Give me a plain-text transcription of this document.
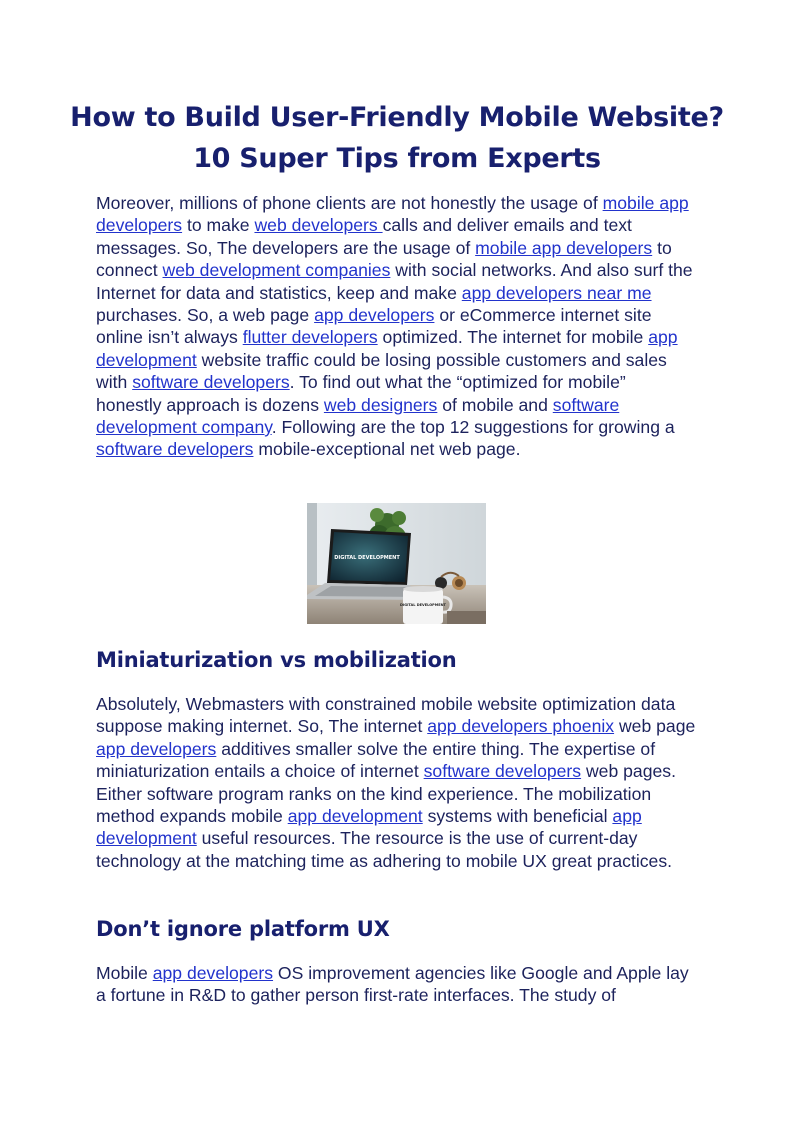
How to Build User-Friendly Mobile Website? 10 Super Tips from Experts

Moreover, millions of phone clients are not honestly the usage of mobile app developers to make web developers calls and deliver emails and text messages. So, The developers are the usage of mobile app developers to connect web development companies with social networks. And also surf the Internet for data and statistics, keep and make app developers near me purchases. So, a web page app developers or eCommerce internet site online isn’t always flutter developers optimized. The internet for mobile app development website traffic could be losing possible customers and sales with software developers. To find out what the “optimized for mobile” honestly approach is dozens web designers of mobile and software development company. Following are the top 12 suggestions for growing a software developers mobile-exceptional net web page.

DIGITAL DEVELOPMENT
DIGITAL DEVELOPMENT
Miniaturization vs mobilization

Absolutely, Webmasters with constrained mobile website optimization data suppose making internet. So, The internet app developers phoenix web page app developers additives smaller solve the entire thing. The expertise of miniaturization entails a choice of internet software developers web pages. Either software program ranks on the kind experience. The mobilization method expands mobile app development systems with beneficial app development useful resources. The resource is the use of current-day technology at the matching time as adhering to mobile UX great practices.

Don’t ignore platform UX

Mobile app developers OS improvement agencies like Google and Apple lay a fortune in R&D to gather person first-rate interfaces. The study of
